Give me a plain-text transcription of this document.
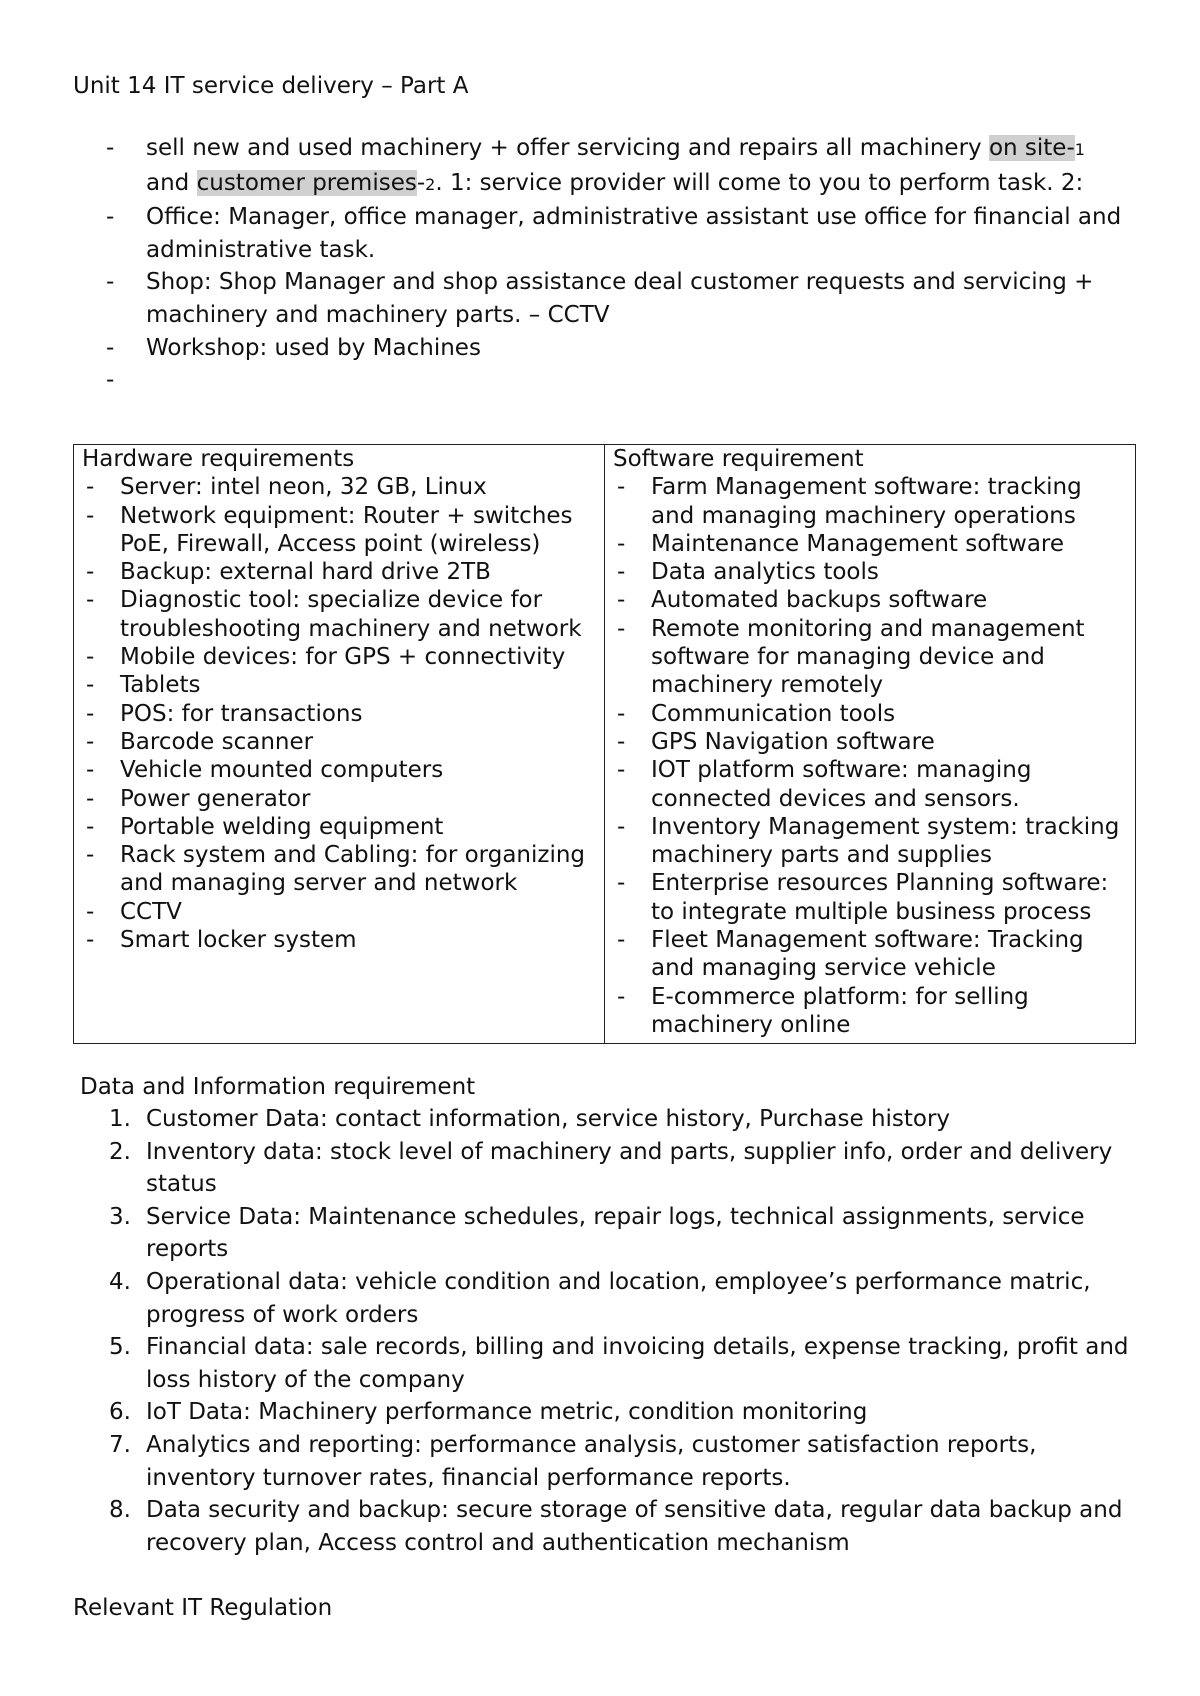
Unit 14 IT service delivery – Part A
- sell new and used machinery + offer servicing and repairs all machinery on site-1 and customer premises-2. 1: service provider will come to you to perform task. 2:
- Office: Manager, office manager, administrative assistant use office for financial and administrative task.
- Shop: Shop Manager and shop assistance deal customer requests and servicing + machinery and machinery parts. – CCTV
- Workshop: used by Machines
-

Hardware requirements
- Server: intel neon, 32 GB, Linux
- Network equipment: Router + switches PoE, Firewall, Access point (wireless)
- Backup: external hard drive 2TB
- Diagnostic tool: specialize device for troubleshooting machinery and network
- Mobile devices: for GPS + connectivity
- Tablets
- POS: for transactions
- Barcode scanner
- Vehicle mounted computers
- Power generator
- Portable welding equipment
- Rack system and Cabling: for organizing and managing server and network
- CCTV
- Smart locker system

Software requirement
- Farm Management software: tracking and managing machinery operations
- Maintenance Management software
- Data analytics tools
- Automated backups software
- Remote monitoring and management software for managing device and machinery remotely
- Communication tools
- GPS Navigation software
- IOT platform software: managing connected devices and sensors.
- Inventory Management system: tracking machinery parts and supplies
- Enterprise resources Planning software: to integrate multiple business process
- Fleet Management software: Tracking and managing service vehicle
- E-commerce platform: for selling machinery online
Data and Information requirement
1. Customer Data: contact information, service history, Purchase history
2. Inventory data: stock level of machinery and parts, supplier info, order and delivery status
3. Service Data: Maintenance schedules, repair logs, technical assignments, service reports
4. Operational data: vehicle condition and location, employee’s performance matric, progress of work orders
5. Financial data: sale records, billing and invoicing details, expense tracking, profit and loss history of the company
6. IoT Data: Machinery performance metric, condition monitoring
7. Analytics and reporting: performance analysis, customer satisfaction reports, inventory turnover rates, financial performance reports.
8. Data security and backup: secure storage of sensitive data, regular data backup and recovery plan, Access control and authentication mechanism
Relevant IT Regulation
